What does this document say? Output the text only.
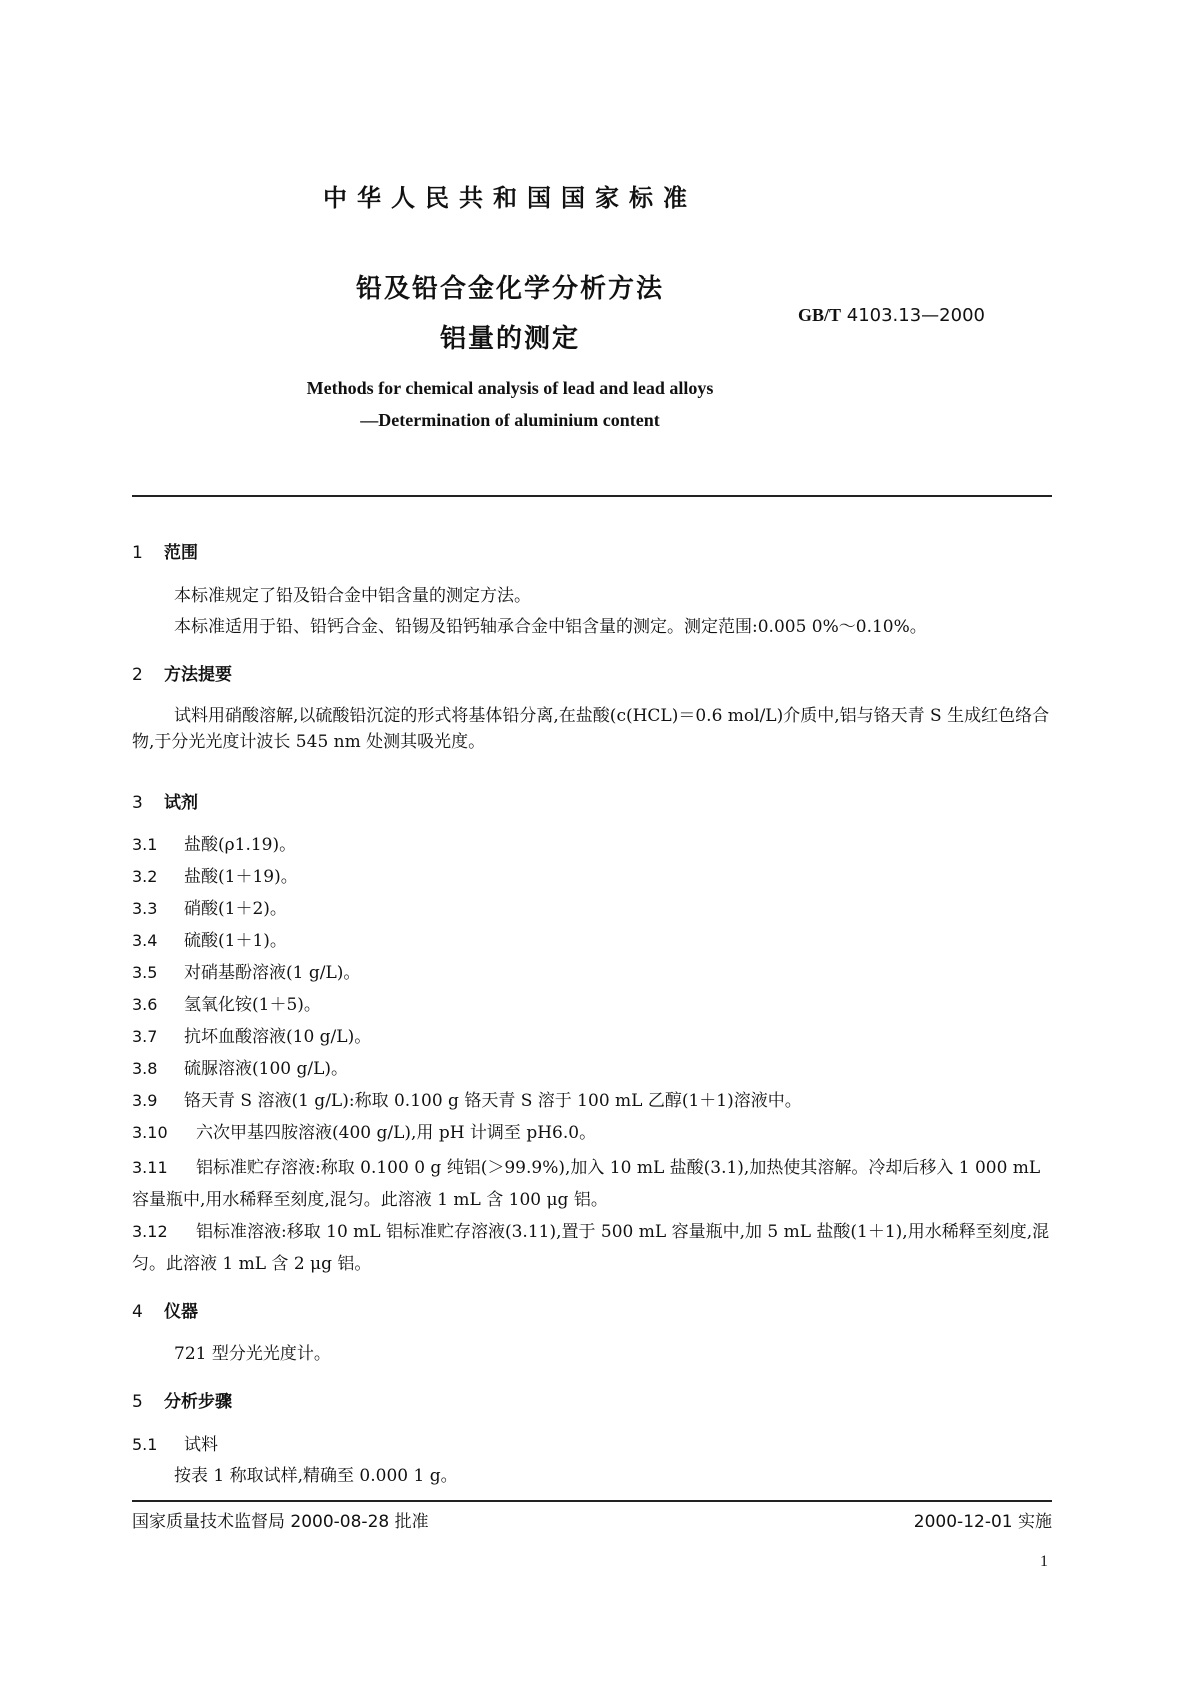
中华人民共和国国家标准
铅及铅合金化学分析方法
铝量的测定
GB/T 4103.13—2000
Methods for chemical analysis of lead and lead alloys
—Determination of aluminium content
1 范围
本标准规定了铅及铅合金中铝含量的测定方法。
本标准适用于铅、铅钙合金、铅锡及铅钙轴承合金中铝含量的测定。测定范围:0.005 0%～0.10%。
2 方法提要
试料用硝酸溶解,以硫酸铅沉淀的形式将基体铅分离,在盐酸(c(HCL)＝0.6 mol/L)介质中,铝与铬天青 S 生成红色络合物,于分光光度计波长 545 nm 处测其吸光度。
3 试剂
3.1 盐酸(ρ1.19)。
3.2 盐酸(1＋19)。
3.3 硝酸(1＋2)。
3.4 硫酸(1＋1)。
3.5 对硝基酚溶液(1 g/L)。
3.6 氢氧化铵(1＋5)。
3.7 抗坏血酸溶液(10 g/L)。
3.8 硫脲溶液(100 g/L)。
3.9 铬天青 S 溶液(1 g/L):称取 0.100 g 铬天青 S 溶于 100 mL 乙醇(1＋1)溶液中。
3.10 六次甲基四胺溶液(400 g/L),用 pH 计调至 pH6.0。
3.11 铝标准贮存溶液:称取 0.100 0 g 纯铝(＞99.9%),加入 10 mL 盐酸(3.1),加热使其溶解。冷却后移入 1 000 mL 容量瓶中,用水稀释至刻度,混匀。此溶液 1 mL 含 100 μg 铝。
3.12 铝标准溶液:移取 10 mL 铝标准贮存溶液(3.11),置于 500 mL 容量瓶中,加 5 mL 盐酸(1＋1),用水稀释至刻度,混匀。此溶液 1 mL 含 2 μg 铝。
4 仪器
721 型分光光度计。
5 分析步骤
5.1 试料
按表 1 称取试样,精确至 0.000 1 g。
国家质量技术监督局 2000-08-28 批准	2000-12-01 实施
1
